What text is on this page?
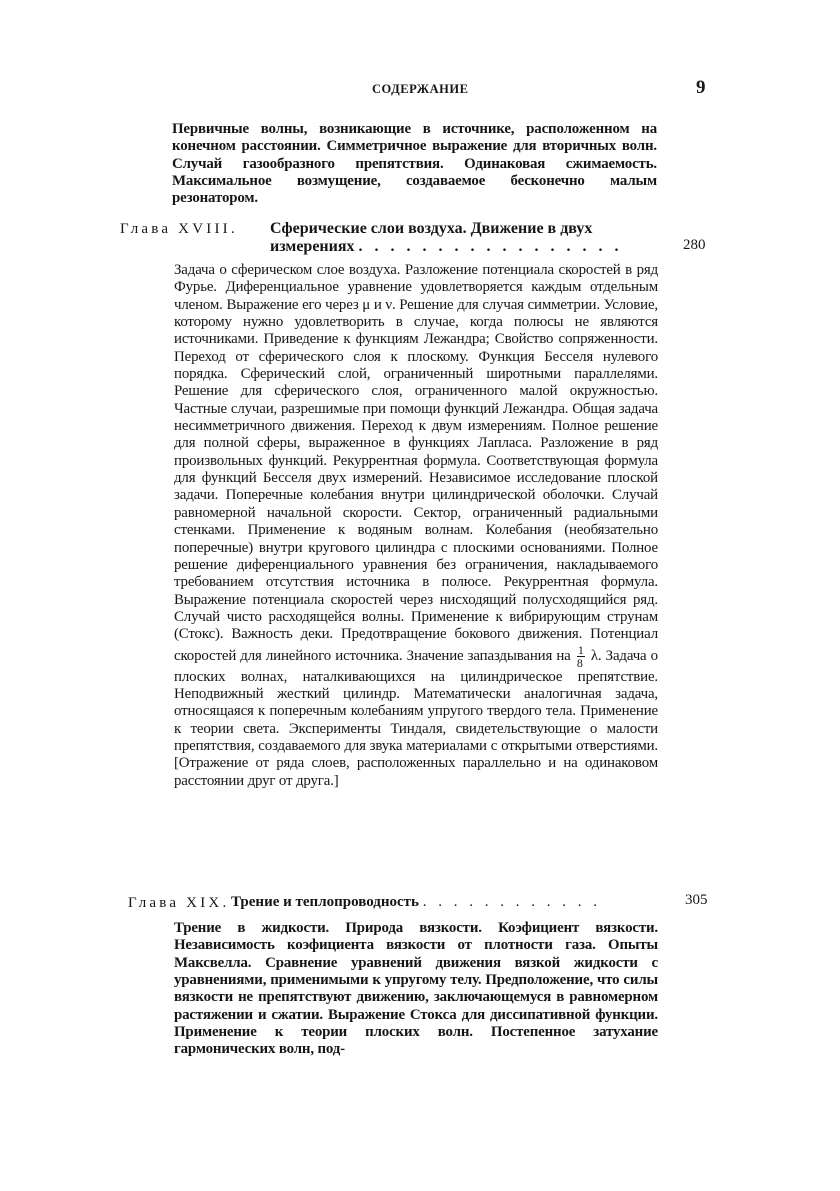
СОДЕРЖАНИЕ	9
Первичные волны, возникающие в источнике, расположенном на конечном расстоянии. Симметричное выражение для вторичных волн. Случай газообразного препятствия. Одинаковая сжимаемость. Максимальное возмущение, создаваемое бесконечно малым резонатором.
Глава XVIII. Сферические слои воздуха. Движение в двух
измерениях . . . . . . . . . . . . . . . . .	280
Задача о сферическом слое воздуха. Разложение потенциала скоростей в ряд Фурье. Диференциальное уравнение удовлетворяется каждым отдельным членом. Выражение его через μ и ν. Решение для случая симметрии. Условие, которому нужно удовлетворить в случае, когда полюсы не являются источниками. Приведение к функциям Лежандра; Свойство сопряженности. Переход от сферического слоя к плоскому. Функция Бесселя нулевого порядка. Сферический слой, ограниченный широтными параллелями. Решение для сферического слоя, ограниченного малой окружностью. Частные случаи, разрешимые при помощи функций Лежандра. Общая задача несимметричного движения. Переход к двум измерениям. Полное решение для полной сферы, выраженное в функциях Лапласа. Разложение в ряд произвольных функций. Рекуррентная формула. Соответствующая формула для функций Бесселя двух измерений. Независимое исследование плоской задачи. Поперечные колебания внутри цилиндрической оболочки. Случай равномерной начальной скорости. Сектор, ограниченный радиальными стенками. Применение к водяным волнам. Колебания (необязательно поперечные) внутри кругового цилиндра с плоскими основаниями. Полное решение диференциального уравнения без ограничения, накладываемого требованием отсутствия источника в полюсе. Рекуррентная формула. Выражение потенциала скоростей через нисходящий полусходящийся ряд. Случай чисто расходящейся волны. Применение к вибрирующим струнам (Стокс). Важность деки. Предотвращение бокового движения. Потенциал скоростей для линейного источника. Значение запаздывания на $\frac{1}{8} \lambda$. Задача о плоских волнах, наталкивающихся на цилиндрическое препятствие. Неподвижный жесткий цилиндр. Математически аналогичная задача, относящаяся к поперечным колебаниям упругого твердого тела. Применение к теории света. Эксперименты Тиндаля, свидетельствующие о малости препятствия, создаваемого для звука материалами с открытыми отверстиями. [Отражение от ряда слоев, расположенных параллельно и на одинаковом расстоянии друг от друга.]
Глава XIX. Трение и теплопроводность . . . . . . . . . . . .	305
Трение в жидкости. Природа вязкости. Коэфициент вязкости. Независимость коэфициента вязкости от плотности газа. Опыты Максвелла. Сравнение уравнений движения вязкой жидкости с уравнениями, применимыми к упругому телу. Предположение, что силы вязкости не препятствуют движению, заключающемуся в равномерном растяжении и сжатии. Выражение Стокса для диссипативной функции. Применение к теории плоских волн. Постепенное затухание гармонических волн, под-
